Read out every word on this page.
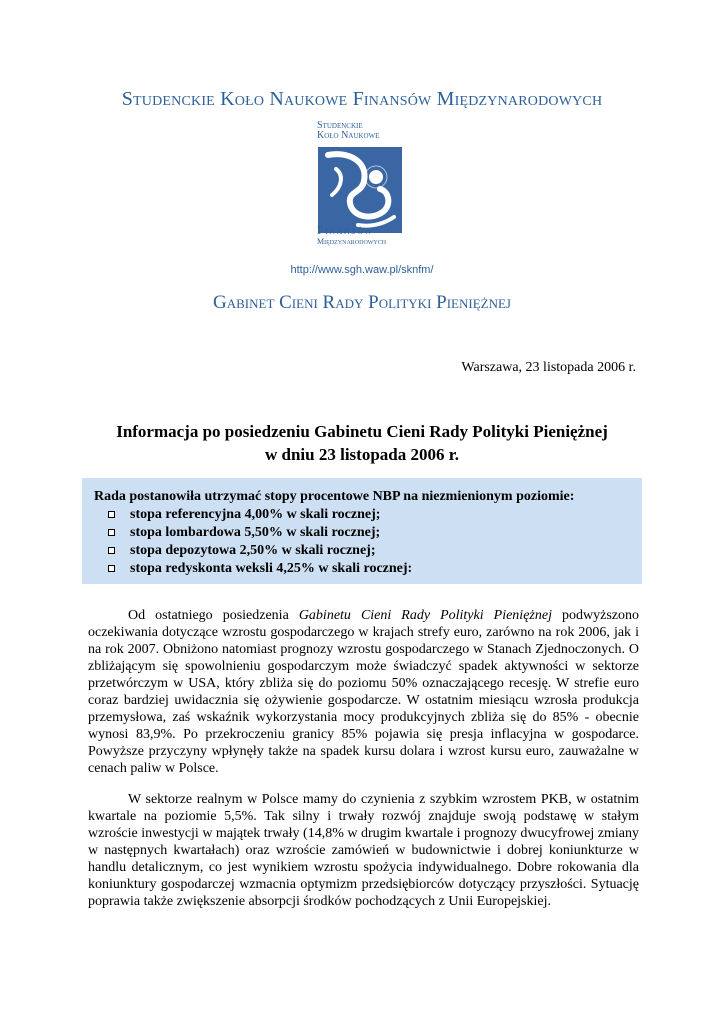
Studenckie Koło Naukowe Finansów Międzynarodowych
Studenckie
Koło Naukowe
Finansów
Międzynarodowych
http://www.sgh.waw.pl/sknfm/
Gabinet Cieni Rady Polityki Pieniężnej
Warszawa, 23 listopada 2006 r.
Informacja po posiedzeniu Gabinetu Cieni Rady Polityki Pieniężnej
w dniu 23 listopada 2006 r.
Rada postanowiła utrzymać stopy procentowe NBP na niezmienionym poziomie:
stopa referencyjna 4,00% w skali rocznej;
stopa lombardowa 5,50% w skali rocznej;
stopa depozytowa 2,50% w skali rocznej;
stopa redyskonta weksli 4,25% w skali rocznej:

Od ostatniego posiedzenia Gabinetu Cieni Rady Polityki Pieniężnej podwyższono oczekiwania dotyczące wzrostu gospodarczego w krajach strefy euro, zarówno na rok 2006, jak i na rok 2007. Obniżono natomiast prognozy wzrostu gospodarczego w Stanach Zjednoczonych. O zbliżającym się spowolnieniu gospodarczym może świadczyć spadek aktywności w sektorze przetwórczym w USA, który zbliża się do poziomu 50% oznaczającego recesję. W strefie euro coraz bardziej uwidacznia się ożywienie gospodarcze. W ostatnim miesiącu wzrosła produkcja przemysłowa, zaś wskaźnik wykorzystania mocy produkcyjnych zbliża się do 85% - obecnie wynosi 83,9%. Po przekroczeniu granicy 85% pojawia się presja inflacyjna w gospodarce. Powyższe przyczyny wpłynęły także na spadek kursu dolara i wzrost kursu euro, zauważalne w cenach paliw w Polsce.

W sektorze realnym w Polsce mamy do czynienia z szybkim wzrostem PKB, w ostatnim kwartale na poziomie 5,5%. Tak silny i trwały rozwój znajduje swoją podstawę w stałym wzroście inwestycji w majątek trwały (14,8% w drugim kwartale i prognozy dwucyfrowej zmiany w następnych kwartałach) oraz wzroście zamówień w budownictwie i dobrej koniunkturze w handlu detalicznym, co jest wynikiem wzrostu spożycia indywidualnego. Dobre rokowania dla koniunktury gospodarczej wzmacnia optymizm przedsiębiorców dotyczący przyszłości. Sytuację poprawia także zwiększenie absorpcji środków pochodzących z Unii Europejskiej.
